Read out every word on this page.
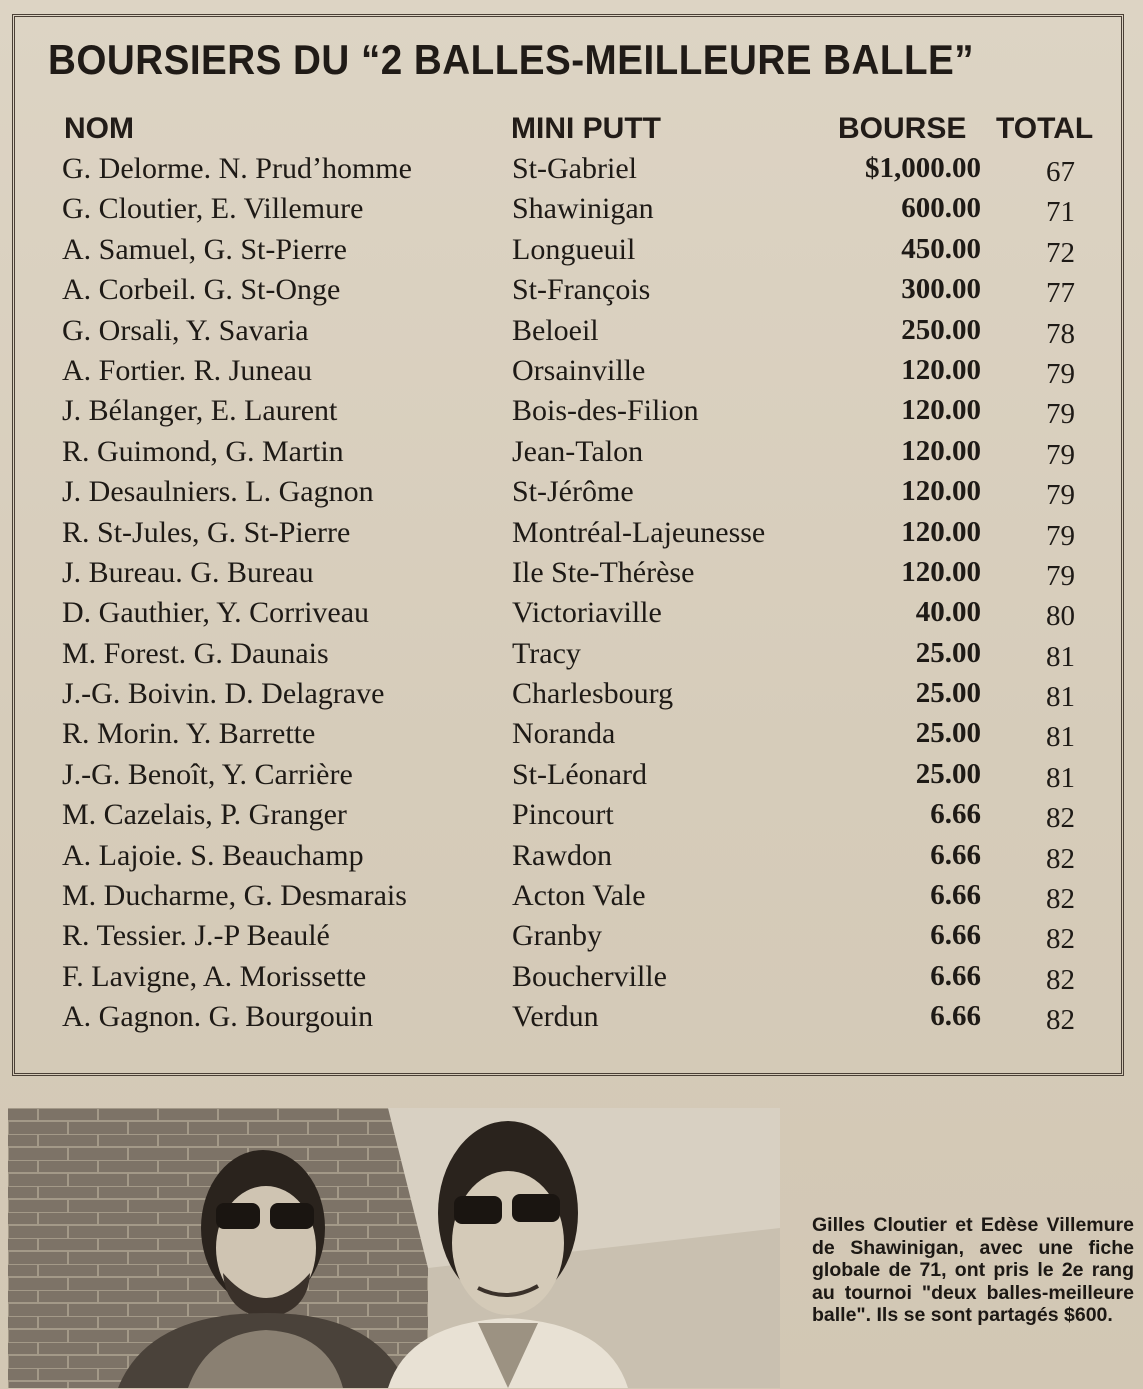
BOURSIERS DU “2 BALLES-MEILLEURE BALLE”
NOM	MINI PUTT	BOURSE TOTAL
G. Delorme. N. Prudʼhomme	St-Gabriel	$1,000.00 67
G. Cloutier, E. Villemure	Shawinigan	600.00 71
A. Samuel, G. St-Pierre	Longueuil	450.00 72
A. Corbeil. G. St-Onge	St-François	300.00 77
G. Orsali, Y. Savaria	Beloeil	250.00 78
A. Fortier. R. Juneau	Orsainville	120.00 79
J. Bélanger, E. Laurent	Bois-des-Filion	120.00 79
R. Guimond, G. Martin	Jean-Talon	120.00 79
J. Desaulniers. L. Gagnon	St-Jérôme	120.00 79
R. St-Jules, G. St-Pierre	Montréal-Lajeunesse	120.00 79
J. Bureau. G. Bureau	Ile Ste-Thérèse	120.00 79
D. Gauthier, Y. Corriveau	Victoriaville	40.00 80
M. Forest. G. Daunais	Tracy	25.00 81
J.-G. Boivin. D. Delagrave	Charlesbourg	25.00 81
R. Morin. Y. Barrette	Noranda	25.00 81
J.-G. Benoît, Y. Carrière	St-Léonard	25.00 81
M. Cazelais, P. Granger	Pincourt	6.66 82
A. Lajoie. S. Beauchamp	Rawdon	6.66 82
M. Ducharme, G. Desmarais	Acton Vale	6.66 82
R. Tessier. J.-P Beaulé	Granby	6.66 82
F. Lavigne, A. Morissette	Boucherville	6.66 82
A. Gagnon. G. Bourgouin	Verdun	6.66 82
Gilles Cloutier et Edèse Villemure de Shawinigan, avec une fiche globale de 71, ont pris le 2e rang au tournoi "deux balles-meilleure balle". Ils se sont partagés $600.
